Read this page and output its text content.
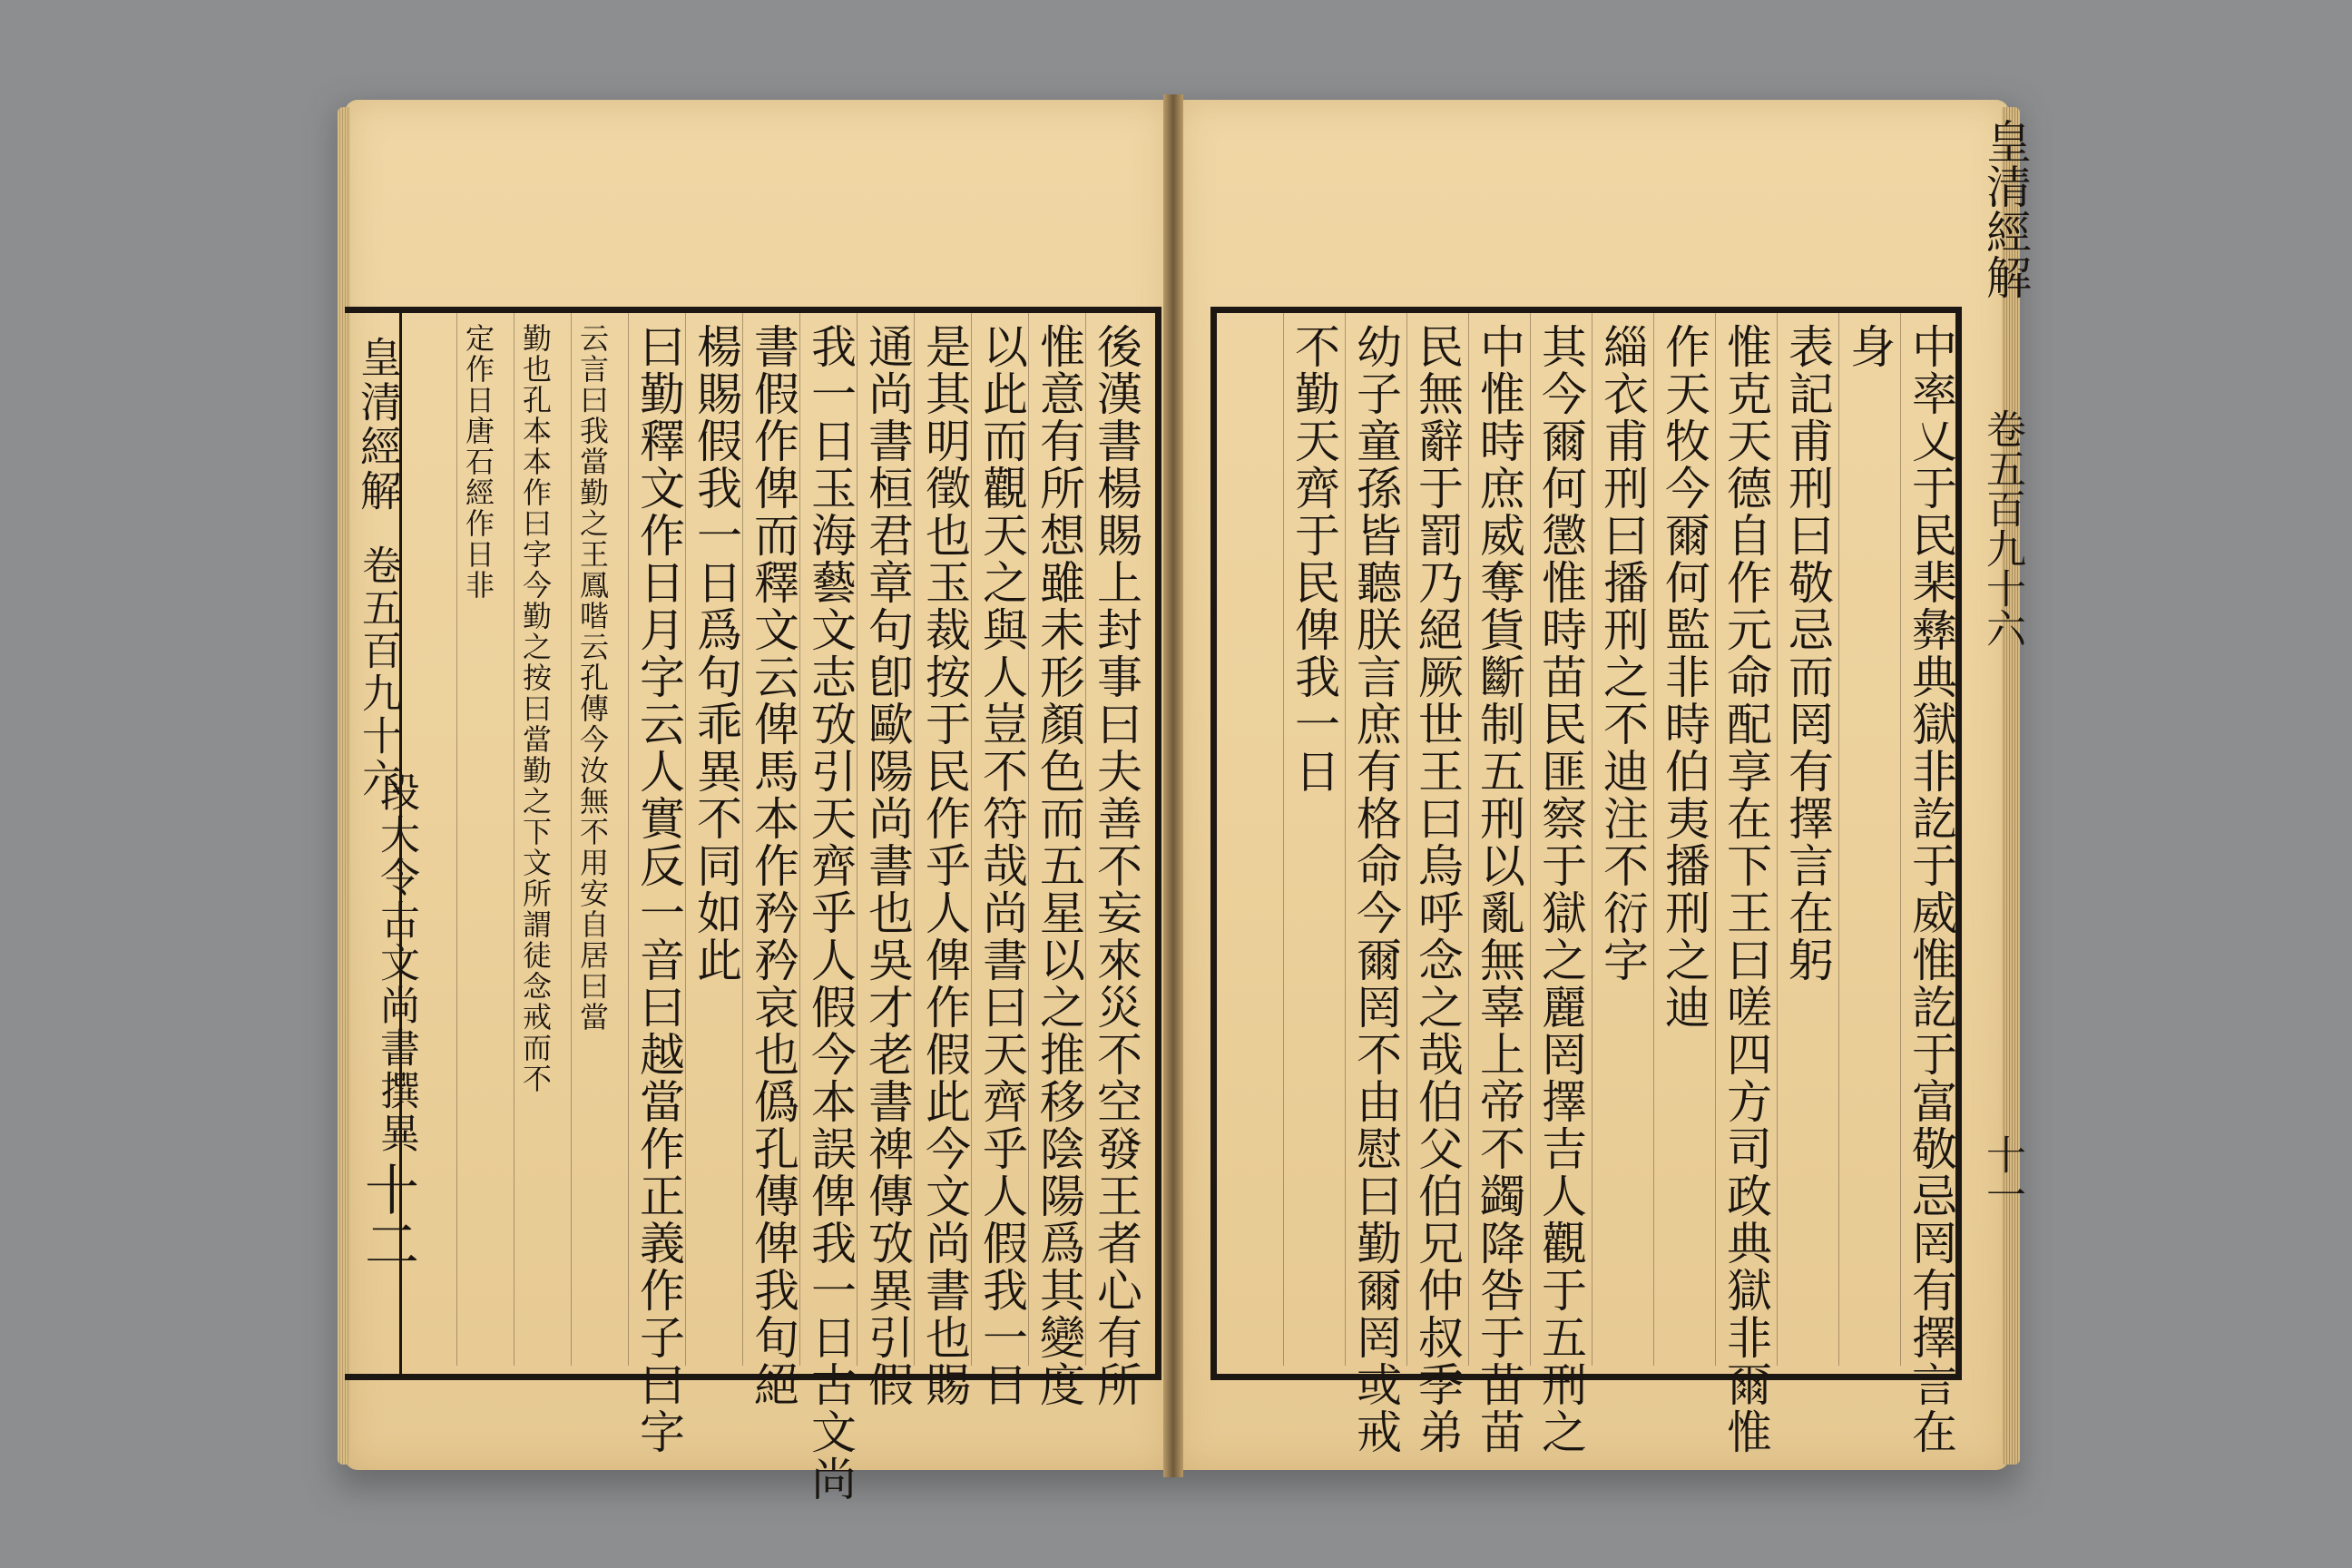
皇清經解
卷五百九十六
段大令古文尚書撰異
十二
皇清經解
卷五百九十六
十一
後漢書楊賜上封事曰夫善不妄來災不空發王者心有所
惟意有所想雖未形顏色而五星以之推移陰陽爲其變度
以此而觀天之與人豈不符哉尚書曰天齊乎人假我一日
是其明徵也玉裁按于民作乎人俾作假此今文尚書也賜
通尚書桓君章句卽歐陽尚書也吳才老書禆傳攷異引假
我一日玉海藝文志攷引天齊乎人假今本誤俾我一日古文尚
書假作俾而釋文云俾馬本作矜矜哀也僞孔傳俾我旬絕
楊賜假我一日爲句乖異不同如此
曰勤釋文作日月字云人實反一音曰越當作正義作子曰字
云言曰我當勤之王鳳喈云孔傳今汝無不用安自居曰當
勤也孔本本作曰字今勤之按曰當勤之下文所謂徒念戒而不
定作日唐石經作日非	中率乂于民棐彝典獄非訖于威惟訖于富敬忌罔有擇言在
身
表記甫刑曰敬忌而罔有擇言在躬
惟克天德自作元命配享在下王曰嗟四方司政典獄非爾惟
作天牧今爾何監非時伯夷播刑之迪
緇衣甫刑曰播刑之不迪注不衍字
其今爾何懲惟時苗民匪察于獄之麗罔擇吉人觀于五刑之
中惟時庶威奪貨斷制五刑以亂無辜上帝不蠲降咎于苗苗
民無辭于罰乃絕厥世王曰烏呼念之哉伯父伯兄仲叔季弟
幼子童孫皆聽朕言庶有格命今爾罔不由慰曰勤爾罔或戒
不勤天齊于民俾我一日
